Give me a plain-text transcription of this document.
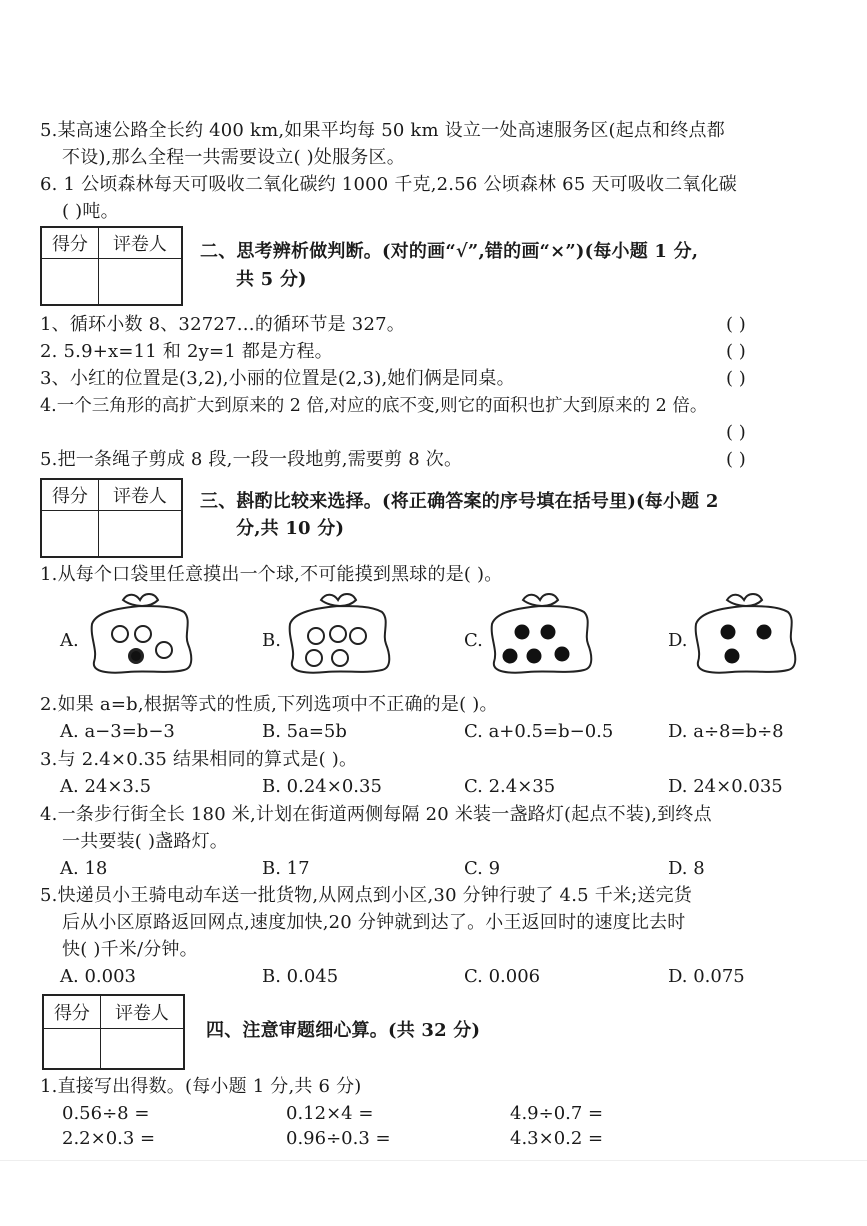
5.某高速公路全长约 400 km,如果平均每 50 km 设立一处高速服务区(起点和终点都
不设),那么全程一共需要设立( )处服务区。
6. 1 公顷森林每天可吸收二氧化碳约 1000 千克,2.56 公顷森林 65 天可吸收二氧化碳
( )吨。
得分	评卷人
	二、思考辨析做判断。(对的画“√”,错的画“×”)(每小题 1 分,
共 5 分)
1、循环小数 8、32727…的循环节是 327。	( )
2. 5.9+x=11 和 2y=1 都是方程。	( )
3、小红的位置是(3,2),小丽的位置是(2,3),她们俩是同桌。	( )
4.一个三角形的高扩大到原来的 2 倍,对应的底不变,则它的面积也扩大到原来的 2 倍。
( )
5.把一条绳子剪成 8 段,一段一段地剪,需要剪 8 次。	( )
得分	评卷人
	三、斟酌比较来选择。(将正确答案的序号填在括号里)(每小题 2
分,共 10 分)
1.从每个口袋里任意摸出一个球,不可能摸到黑球的是( )。
A.	B.	C.	D.
2.如果 a=b,根据等式的性质,下列选项中不正确的是( )。
A. a−3=b−3	B. 5a=5b	C. a+0.5=b−0.5	D. a÷8=b÷8
3.与 2.4×0.35 结果相同的算式是( )。
A. 24×3.5	B. 0.24×0.35	C. 2.4×35	D. 24×0.035
4.一条步行街全长 180 米,计划在街道两侧每隔 20 米装一盏路灯(起点不装),到终点
一共要装( )盏路灯。
A. 18	B. 17	C. 9	D. 8
5.快递员小王骑电动车送一批货物,从网点到小区,30 分钟行驶了 4.5 千米;送完货
后从小区原路返回网点,速度加快,20 分钟就到达了。小王返回时的速度比去时
快( )千米/分钟。
A. 0.003	B. 0.045	C. 0.006	D. 0.075
得分	评卷人

四、注意审题细心算。(共 32 分)
1.直接写出得数。(每小题 1 分,共 6 分)
0.56÷8 =	0.12×4 =	4.9÷0.7 =
2.2×0.3 =	0.96÷0.3 =	4.3×0.2 =
